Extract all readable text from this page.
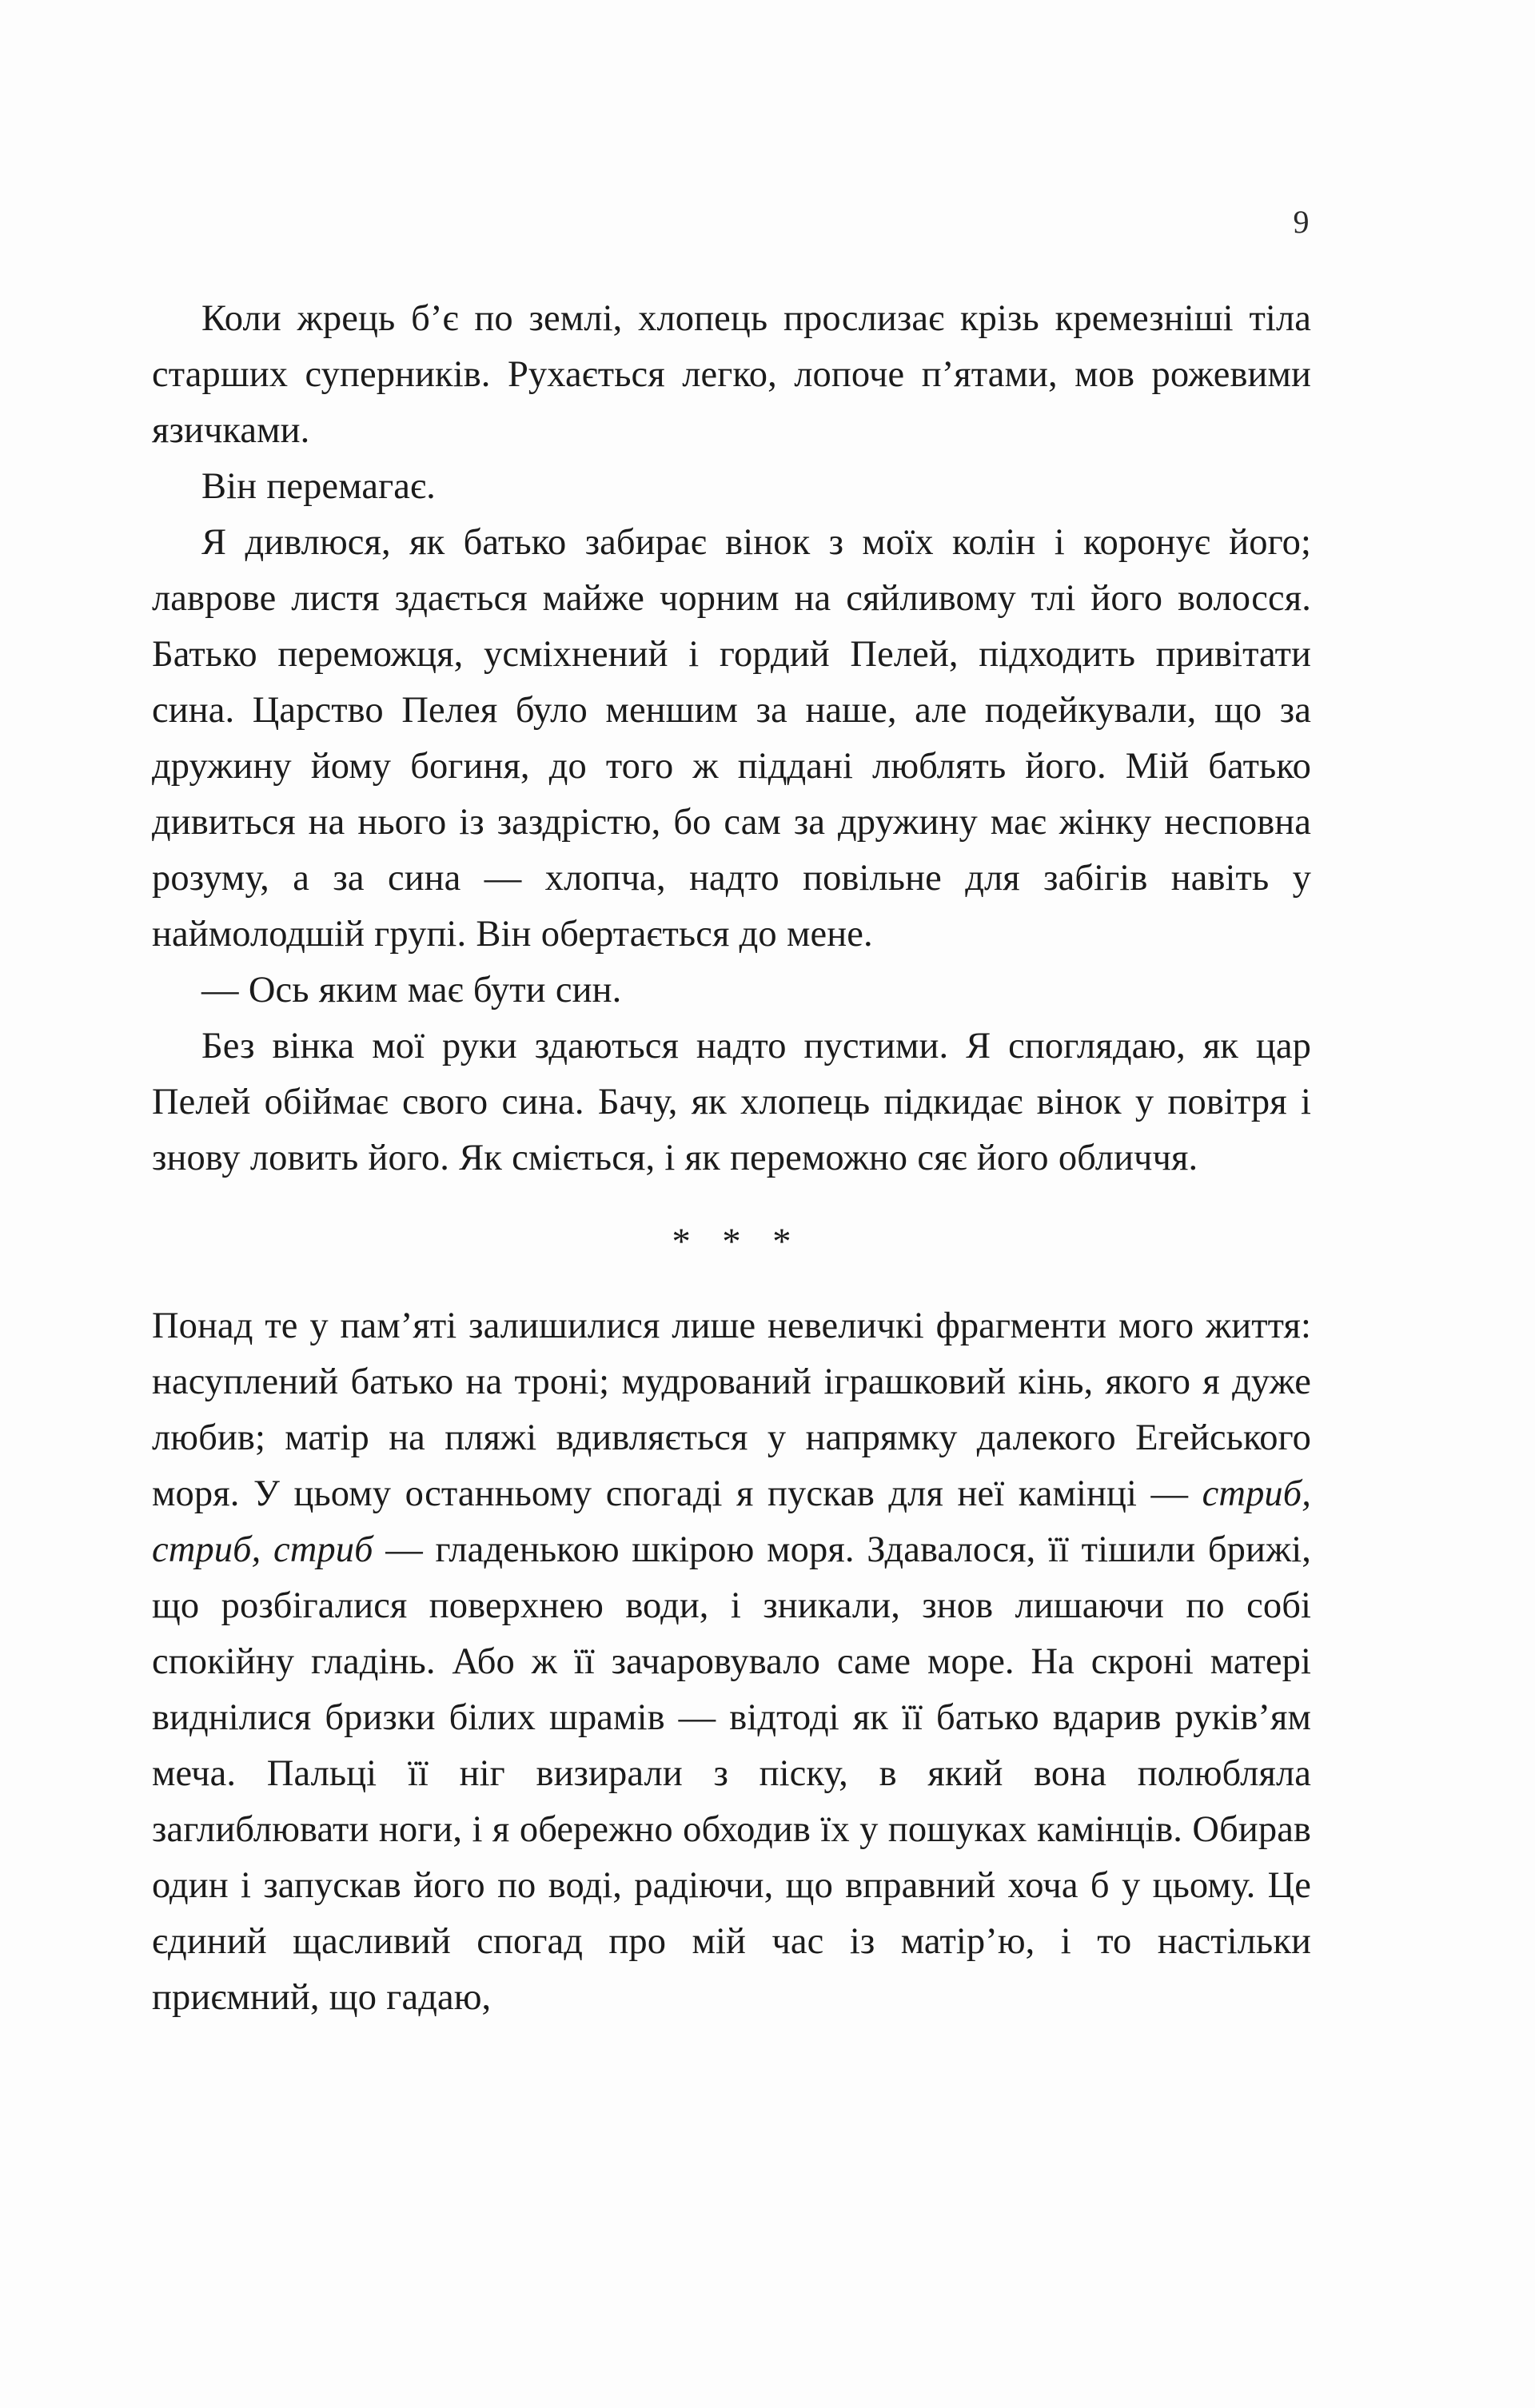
9

Коли жрець б’є по землі, хлопець прослизає крізь кремезніші тіла старших суперників. Рухається легко, лопоче п’ятами, мов рожевими язичками.

Він перемагає.

Я дивлюся, як батько забирає вінок з моїх колін і коронує його; лаврове листя здається майже чорним на сяйливому тлі його волосся. Батько переможця, усміхнений і гордий Пелей, підходить привітати сина. Царство Пелея було меншим за наше, але подейкували, що за дружину йому богиня, до того ж піддані люблять його. Мій батько дивиться на нього із заздрістю, бо сам за дружину має жінку несповна розуму, а за сина — хлопча, надто повільне для забігів навіть у наймолодшій групі. Він обертається до мене.

— Ось яким має бути син.

Без вінка мої руки здаються надто пустими. Я споглядаю, як цар Пелей обіймає свого сина. Бачу, як хлопець підкидає вінок у повітря і знову ловить його. Як сміється, і як переможно сяє його обличчя.

* * *

Понад те у пам’яті залишилися лише невеличкі фрагменти мого життя: насуплений батько на троні; мудрований іграшковий кінь, якого я дуже любив; матір на пляжі вдивляється у напрямку далекого Егейського моря. У цьому останньому спогаді я пускав для неї камінці — стриб, стриб, стриб — гладенькою шкірою моря. Здавалося, її тішили брижі, що розбігалися поверхнею води, і зникали, знов лишаючи по собі спокійну гладінь. Або ж її зачаровувало саме море. На скроні матері виднілися бризки білих шрамів — відтоді як її батько вдарив руків’ям меча. Пальці її ніг визирали з піску, в який вона полюбляла заглиблювати ноги, і я обережно обходив їх у пошуках камінців. Обирав один і запускав його по воді, радіючи, що вправний хоча б у цьому. Це єдиний щасливий спогад про мій час із матір’ю, і то настільки приємний, що гадаю,
